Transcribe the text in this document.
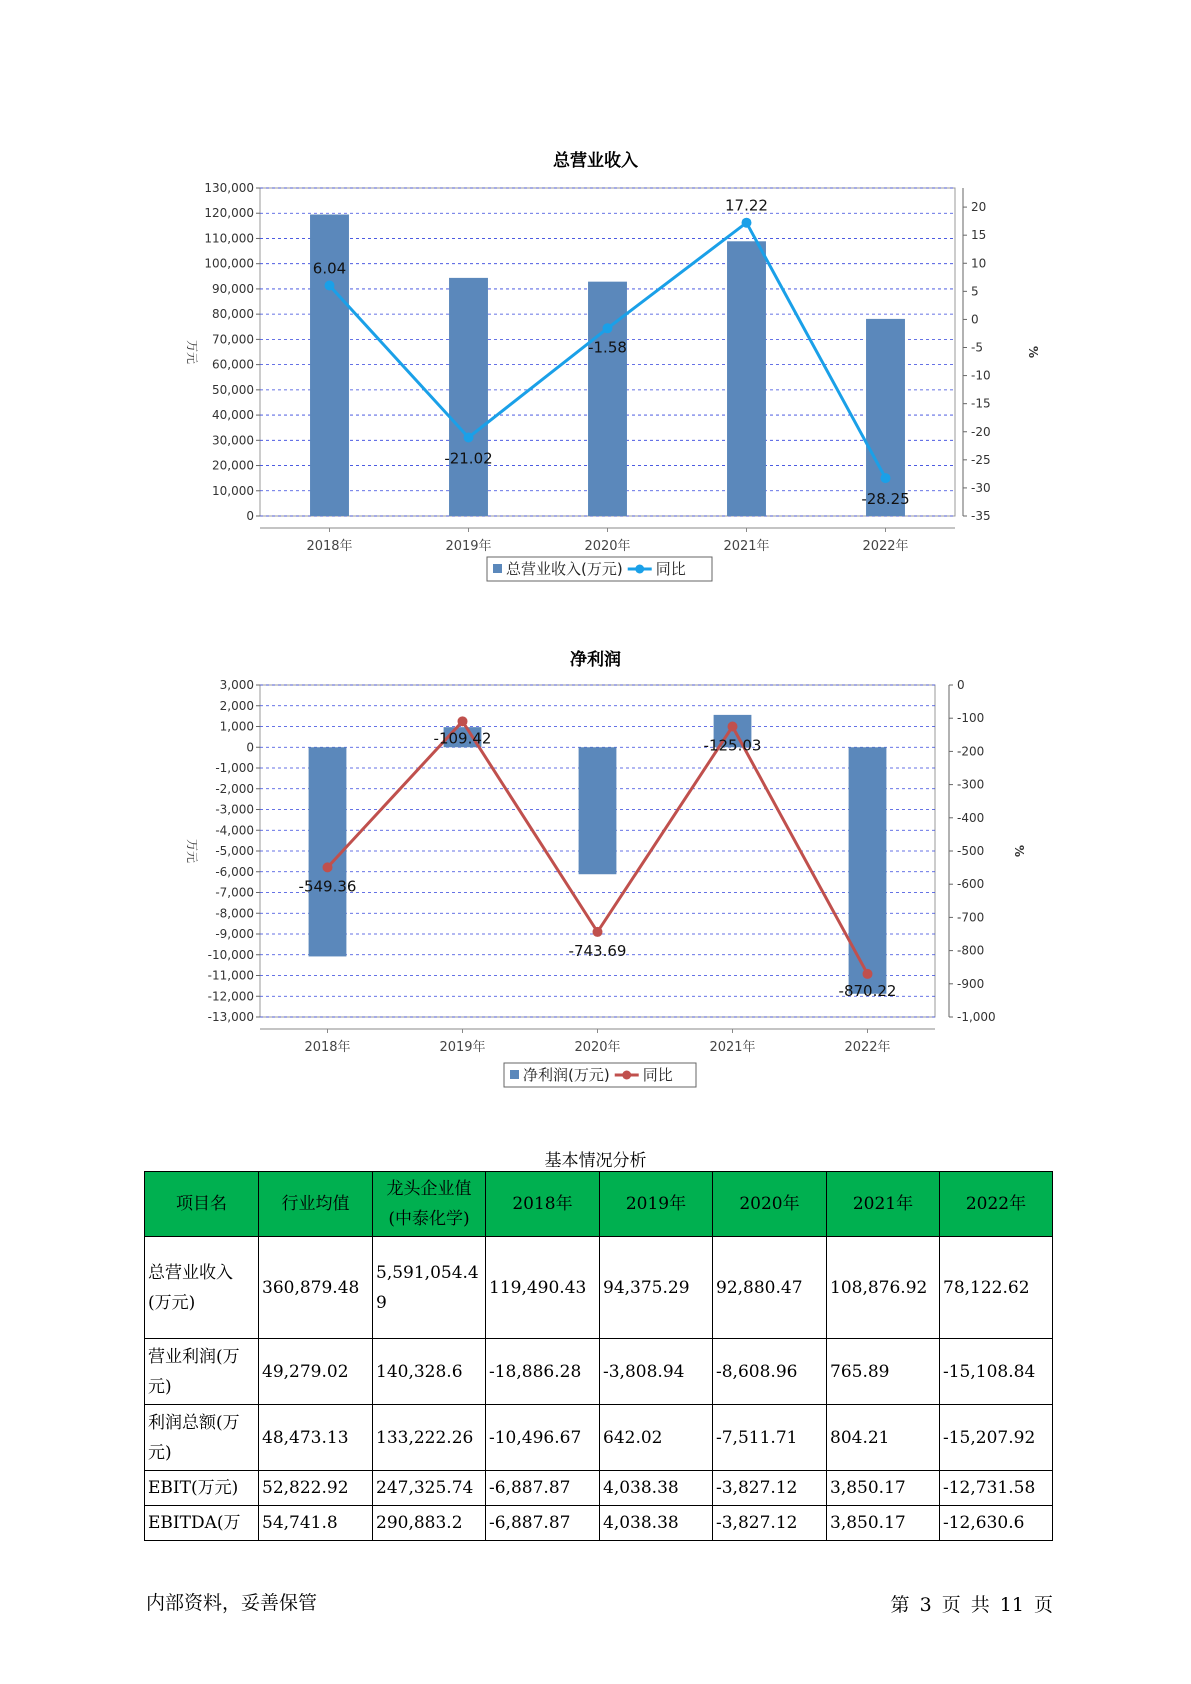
总营业收入
0
10,000
20,000
30,000
40,000
50,000
60,000
70,000
80,000
90,000
100,000
110,000
120,000
130,000
-35
-30
-25
-20
-15
-10
-5
0
5
10
15
20
万元	%
2018年	2019年	2020年	2021年	2022年
6.04
-21.02
-1.58
17.22
-28.25
总营业收入(万元) 同比
净利润
-13,000
-12,000
-11,000
-10,000
-9,000
-8,000
-7,000
-6,000
-5,000
-4,000
-3,000
-2,000
-1,000
0
1,000
2,000
3,000
-1,000
-900
-800
-700
-600
-500
-400
-300
-200
-100
0
万元	%
2018年	2019年	2020年	2021年	2022年
-549.36
-109.42
-743.69
-125.03
-870.22
净利润(万元) 同比
基本情况分析
项目名	行业均值	龙头企业值(中泰化学)	2018年	2019年	2020年	2021年	2022年
总营业收入(万元)	360,879.48	5,591,054.49	119,490.43	94,375.29	92,880.47	108,876.92	78,122.62
营业利润(万元)	49,279.02	140,328.6	-18,886.28	-3,808.94	-8,608.96	765.89	-15,108.84
利润总额(万元)	48,473.13	133,222.26	-10,496.67	642.02	-7,511.71	804.21	-15,207.92
EBIT(万元)	52,822.92	247,325.74	-6,887.87	4,038.38	-3,827.12	3,850.17	-12,731.58
EBITDA(万	54,741.8	290,883.2	-6,887.87	4,038.38	-3,827.12	3,850.17	-12,630.6
内部资料，妥善保管	第 3 页 共 11 页
